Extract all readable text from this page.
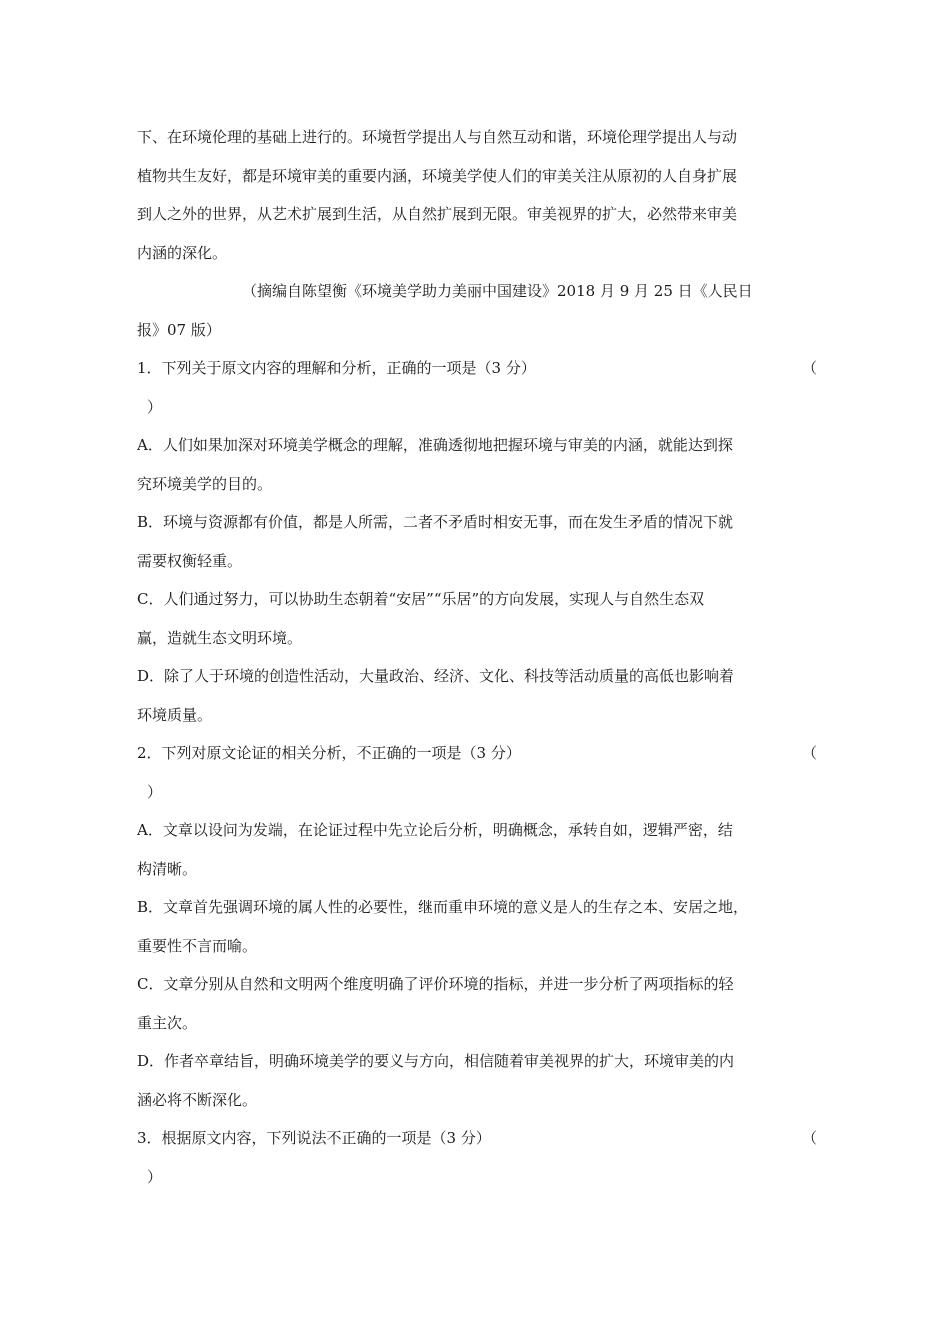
下、在环境伦理的基础上进行的。环境哲学提出人与自然互动和谐，环境伦理学提出人与动
植物共生友好，都是环境审美的重要内涵，环境美学使人们的审美关注从原初的人自身扩展
到人之外的世界，从艺术扩展到生活，从自然扩展到无限。审美视界的扩大，必然带来审美
内涵的深化。
（摘编自陈望衡《环境美学助力美丽中国建设》2018 月 9 月 25 日《人民日
报》07 版）
1．下列关于原文内容的理解和分析，正确的一项是（3 分）	（
）
A．人们如果加深对环境美学概念的理解，准确透彻地把握环境与审美的内涵，就能达到探
究环境美学的目的。
B．环境与资源都有价值，都是人所需，二者不矛盾时相安无事，而在发生矛盾的情况下就
需要权衡轻重。
C．人们通过努力，可以协助生态朝着“安居”“乐居”的方向发展，实现人与自然生态双
赢，造就生态文明环境。
D．除了人于环境的创造性活动，大量政治、经济、文化、科技等活动质量的高低也影响着
环境质量。
2．下列对原文论证的相关分析，不正确的一项是（3 分）	（
）
A．文章以设问为发端，在论证过程中先立论后分析，明确概念，承转自如，逻辑严密，结
构清晰。
B．文章首先强调环境的属人性的必要性，继而重申环境的意义是人的生存之本、安居之地，
重要性不言而喻。
C．文章分别从自然和文明两个维度明确了评价环境的指标，并进一步分析了两项指标的轻
重主次。
D．作者卒章结旨，明确环境美学的要义与方向，相信随着审美视界的扩大，环境审美的内
涵必将不断深化。
3．根据原文内容，下列说法不正确的一项是（3 分）	（
）
